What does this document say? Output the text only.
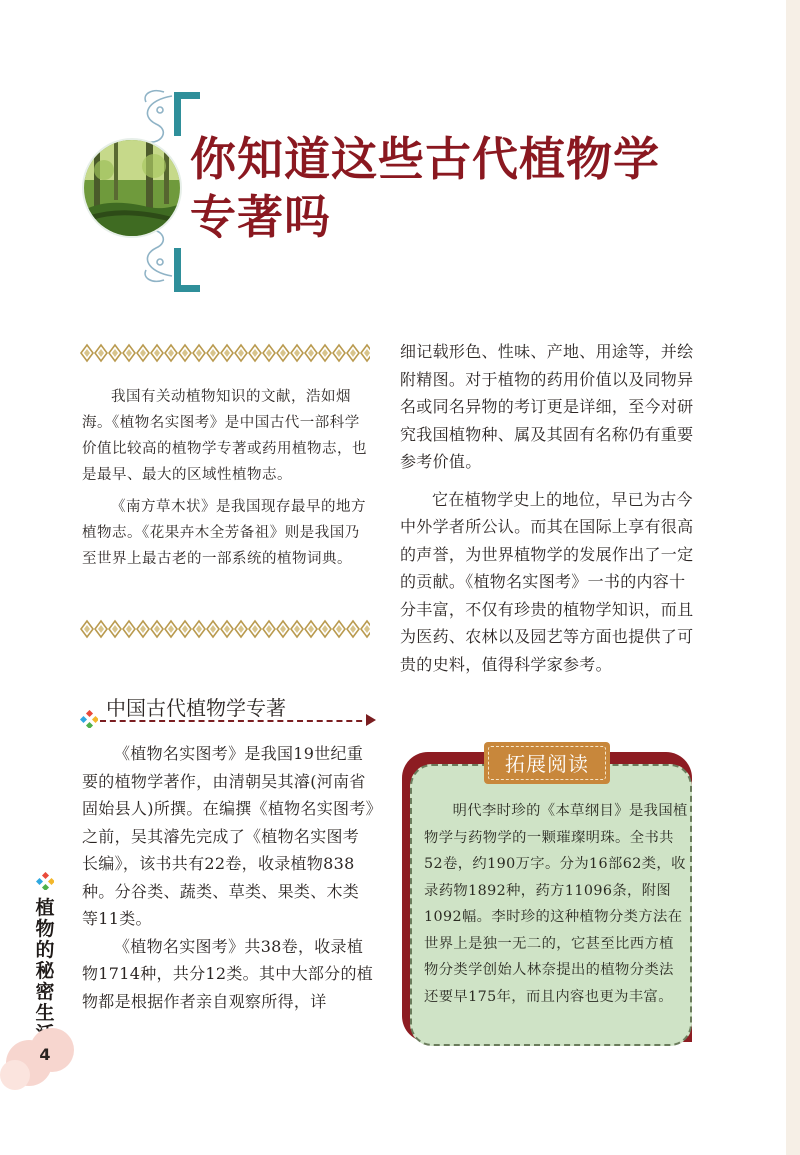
你知道这些古代植物学
专著吗

我国有关动植物知识的文献，浩如烟海。《植物名实图考》是中国古代一部科学价值比较高的植物学专著或药用植物志，也是最早、最大的区域性植物志。

《南方草木状》是我国现存最早的地方植物志。《花果卉木全芳备祖》则是我国乃至世界上最古老的一部系统的植物词典。

中国古代植物学专著

《植物名实图考》是我国19世纪重要的植物学著作，由清朝吴其濬(河南省固始县人)所撰。在编撰《植物名实图考》之前，吴其濬先完成了《植物名实图考长编》，该书共有22卷，收录植物838种。分谷类、蔬类、草类、果类、木类等11类。

《植物名实图考》共38卷，收录植物1714种，共分12类。其中大部分的植物都是根据作者亲自观察所得，详

细记载形色、性味、产地、用途等，并绘附精图。对于植物的药用价值以及同物异名或同名异物的考订更是详细，至今对研究我国植物种、属及其固有名称仍有重要参考价值。

它在植物学史上的地位，早已为古今中外学者所公认。而其在国际上享有很高的声誉，为世界植物学的发展作出了一定的贡献。《植物名实图考》一书的内容十分丰富，不仅有珍贵的植物学知识，而且为医药、农林以及园艺等方面也提供了可贵的史料，值得科学家参考。

拓展阅读

明代李时珍的《本草纲目》是我国植物学与药物学的一颗璀璨明珠。全书共52卷，约190万字。分为16部62类，收录药物1892种，药方11096条，附图1092幅。李时珍的这种植物分类方法在世界上是独一无二的，它甚至比西方植物分类学创始人林奈提出的植物分类法还要早175年，而且内容也更为丰富。

植物的秘密生
4
